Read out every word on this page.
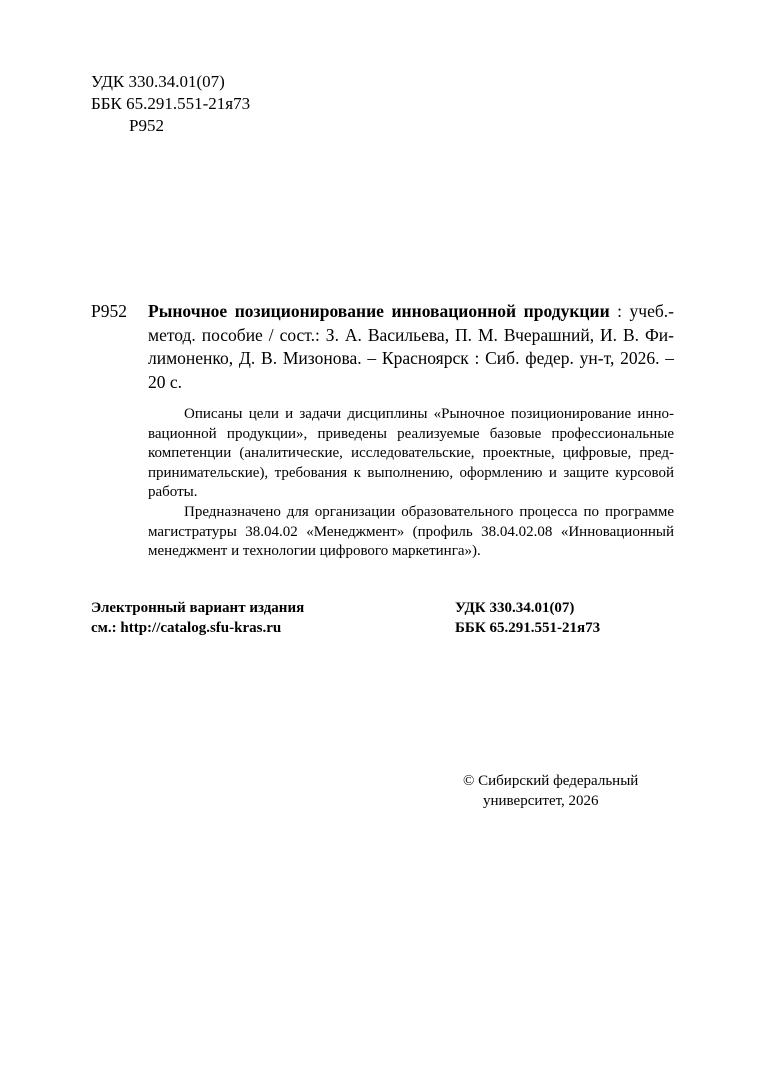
УДК 330.34.01(07)
ББК 65.291.551-21я73
Р952
Р952 Рыночное позиционирование инновационной продукции : учеб.-метод. пособие / сост.: З. А. Васильева, П. М. Вчерашний, И. В. Филимоненко, Д. В. Мизонова. – Красноярск : Сиб. федер. ун-т, 2026. – 20 с.

Описаны цели и задачи дисциплины «Рыночное позиционирование инновационной продукции», приведены реализуемые базовые профессиональные компетенции (аналитические, исследовательские, проектные, цифровые, предпринимательские), требования к выполнению, оформлению и защите курсовой работы.

Предназначено для организации образовательного процесса по программе магистратуры 38.04.02 «Менеджмент» (профиль 38.04.02.08 «Инновационный менеджмент и технологии цифрового маркетинга»).

Электронный вариант издания
см.: http://catalog.sfu-kras.ru
УДК 330.34.01(07)
ББК 65.291.551-21я73
© Сибирский федеральный
университет, 2026
